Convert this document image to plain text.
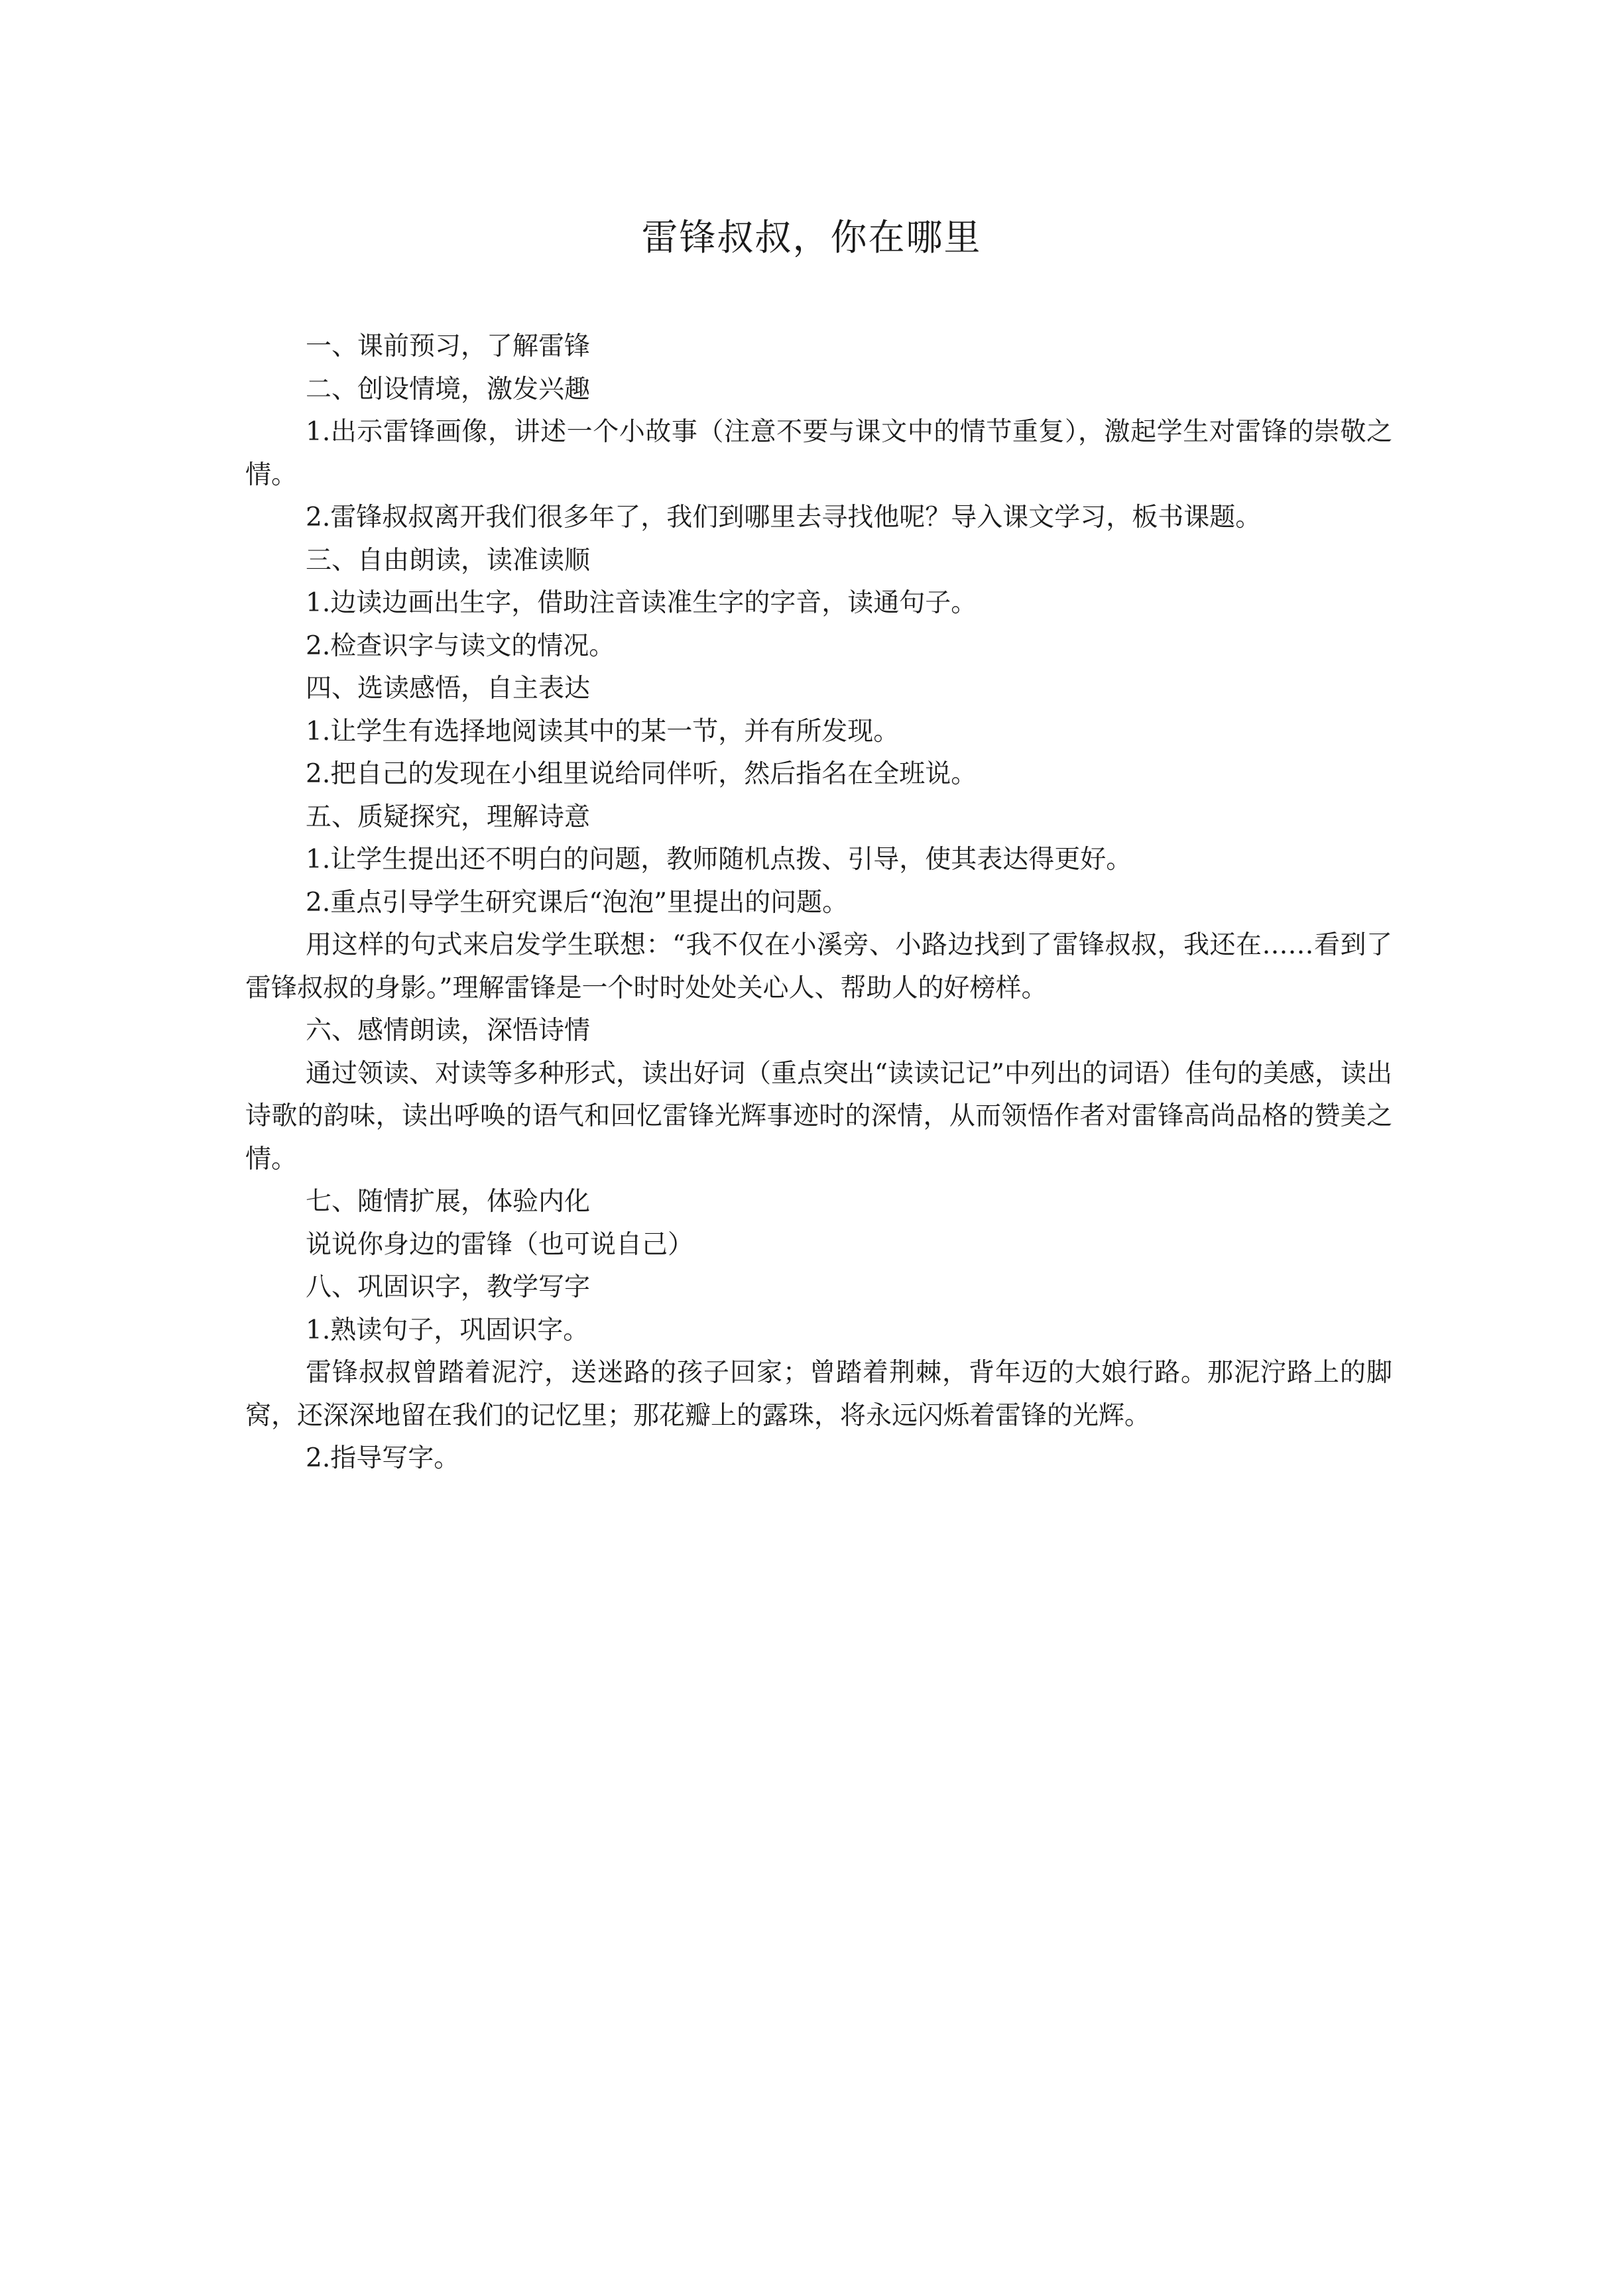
雷锋叔叔，你在哪里

一、课前预习，了解雷锋

二、创设情境，激发兴趣

1.出示雷锋画像，讲述一个小故事（注意不要与课文中的情节重复），激起学生对雷锋的崇敬之情。

2.雷锋叔叔离开我们很多年了，我们到哪里去寻找他呢？导入课文学习，板书课题。

三、自由朗读，读准读顺

1.边读边画出生字，借助注音读准生字的字音，读通句子。

2.检查识字与读文的情况。

四、选读感悟，自主表达

1.让学生有选择地阅读其中的某一节，并有所发现。

2.把自己的发现在小组里说给同伴听，然后指名在全班说。

五、质疑探究，理解诗意

1.让学生提出还不明白的问题，教师随机点拨、引导，使其表达得更好。

2.重点引导学生研究课后“泡泡”里提出的问题。

用这样的句式来启发学生联想：“我不仅在小溪旁、小路边找到了雷锋叔叔，我还在……看到了雷锋叔叔的身影。”理解雷锋是一个时时处处关心人、帮助人的好榜样。

六、感情朗读，深悟诗情

通过领读、对读等多种形式，读出好词（重点突出“读读记记”中列出的词语）佳句的美感，读出诗歌的韵味，读出呼唤的语气和回忆雷锋光辉事迹时的深情，从而领悟作者对雷锋高尚品格的赞美之情。

七、随情扩展，体验内化

说说你身边的雷锋（也可说自己）

八、巩固识字，教学写字

1.熟读句子，巩固识字。

雷锋叔叔曾踏着泥泞，送迷路的孩子回家；曾踏着荆棘，背年迈的大娘行路。那泥泞路上的脚窝，还深深地留在我们的记忆里；那花瓣上的露珠，将永远闪烁着雷锋的光辉。

2.指导写字。
